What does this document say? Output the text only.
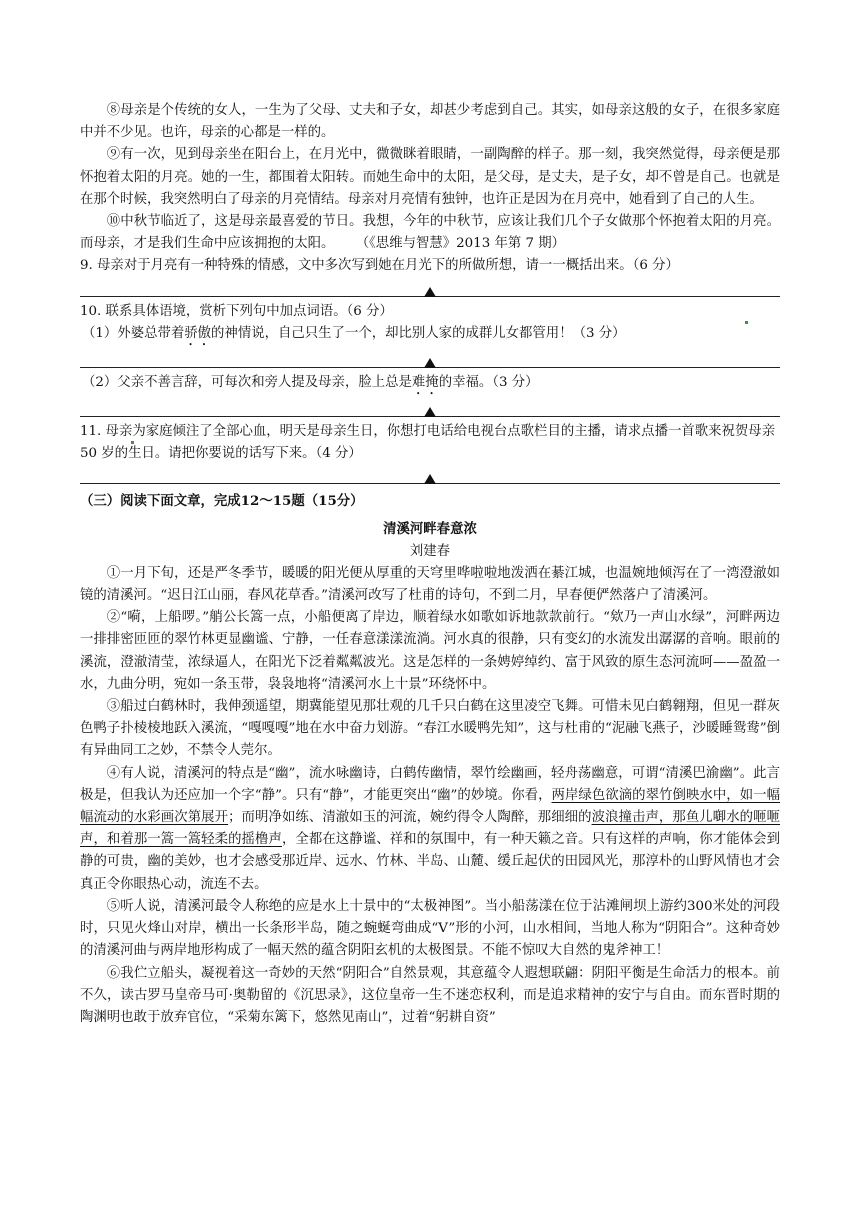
⑧母亲是个传统的女人，一生为了父母、丈夫和子女，却甚少考虑到自己。其实，如母亲这般的女子，在很多家庭中并不少见。也许，母亲的心都是一样的。

⑨有一次，见到母亲坐在阳台上，在月光中，微微眯着眼睛，一副陶醉的样子。那一刻，我突然觉得，母亲便是那怀抱着太阳的月亮。她的一生，都围着太阳转。而她生命中的太阳，是父母，是丈夫，是子女，却不曾是自己。也就是在那个时候，我突然明白了母亲的月亮情结。母亲对月亮情有独钟，也许正是因为在月亮中，她看到了自己的人生。

⑩中秋节临近了，这是母亲最喜爱的节日。我想，今年的中秋节，应该让我们几个子女做那个怀抱着太阳的月亮。而母亲，才是我们生命中应该拥抱的太阳。 （《思维与智慧》2013 年第 7 期）

9. 母亲对于月亮有一种特殊的情感，文中多次写到她在月光下的所做所想，请一一概括出来。（6 分）

10. 联系具体语境，赏析下列句中加点词语。（6 分）

（1）外婆总带着骄傲的神情说，自己只生了一个，却比别人家的成群儿女都管用！（3 分）

（2）父亲不善言辞，可每次和旁人提及母亲，脸上总是难掩的幸福。（3 分）

11. 母亲为家庭倾注了全部心血，明天是母亲生日，你想打电话给电视台点歌栏目的主播，请求点播一首歌来祝贺母亲 50 岁的生日。请把你要说的话写下来。（4 分）

（三）阅读下面文章，完成12～15题（15分）

清溪河畔春意浓

刘建春

①一月下旬，还是严冬季节，暖暖的阳光便从厚重的天穹里哗啦啦地泼洒在綦江城，也温婉地倾泻在了一湾澄澈如镜的清溪河。“迟日江山丽，春风花草香。”清溪河改写了杜甫的诗句，不到二月，早春便俨然落户了清溪河。

②“嗬，上船啰。”艄公长篙一点，小船便离了岸边，顺着绿水如歌如诉地款款前行。“欸乃一声山水绿”，河畔两边一排排密匝匝的翠竹林更显幽谧、宁静，一任春意漾漾流淌。河水真的很静，只有变幻的水流发出潺潺的音响。眼前的溪流，澄澈清莹，浓绿逼人，在阳光下泛着粼粼波光。这是怎样的一条娉婷绰约、富于风致的原生态河流呵——盈盈一水，九曲分明，宛如一条玉带，袅袅地将“清溪河水上十景”环绕怀中。

③船过白鹤林时，我伸颈遥望，期冀能望见那壮观的几千只白鹤在这里凌空飞舞。可惜未见白鹤翱翔，但见一群灰色鸭子扑棱棱地跃入溪流，“嘎嘎嘎”地在水中奋力划游。“春江水暖鸭先知”，这与杜甫的“泥融飞燕子，沙暖睡鸳鸯”倒有异曲同工之妙，不禁令人莞尔。

④有人说，清溪河的特点是“幽”，流水咏幽诗，白鹤传幽情，翠竹绘幽画，轻舟荡幽意，可谓“清溪巴渝幽”。此言极是，但我认为还应加一个字“静”。只有“静”，才能更突出“幽”的妙境。你看，两岸绿色欲滴的翠竹倒映水中，如一幅幅流动的水彩画次第展开；而明净如练、清澈如玉的河流，婉约得令人陶醉，那细细的波浪撞击声，那鱼儿啣水的咂咂声，和着那一篙一篙轻柔的摇橹声，全都在这静谧、祥和的氛围中，有一种天籁之音。只有这样的声响，你才能体会到静的可贵，幽的美妙，也才会感受那近岸、远水、竹林、半岛、山麓、缓丘起伏的田园风光，那淳朴的山野风情也才会真正令你眼热心动，流连不去。

⑤听人说，清溪河最令人称绝的应是水上十景中的“太极神图”。当小船荡漾在位于沾滩闸坝上游约300米处的河段时，只见火烽山对岸，横出一长条形半岛，随之蜿蜒弯曲成“V”形的小河，山水相间，当地人称为“阴阳合”。这种奇妙的清溪河曲与两岸地形构成了一幅天然的蕴含阴阳玄机的太极图景。不能不惊叹大自然的鬼斧神工！

⑥我伫立船头，凝视着这一奇妙的天然“阴阳合”自然景观，其意蕴令人遐想联翩：阴阳平衡是生命活力的根本。前不久，读古罗马皇帝马可·奥勒留的《沉思录》，这位皇帝一生不迷恋权利，而是追求精神的安宁与自由。而东晋时期的陶渊明也敢于放弃官位，“采菊东篱下，悠然见南山”，过着“躬耕自资”
